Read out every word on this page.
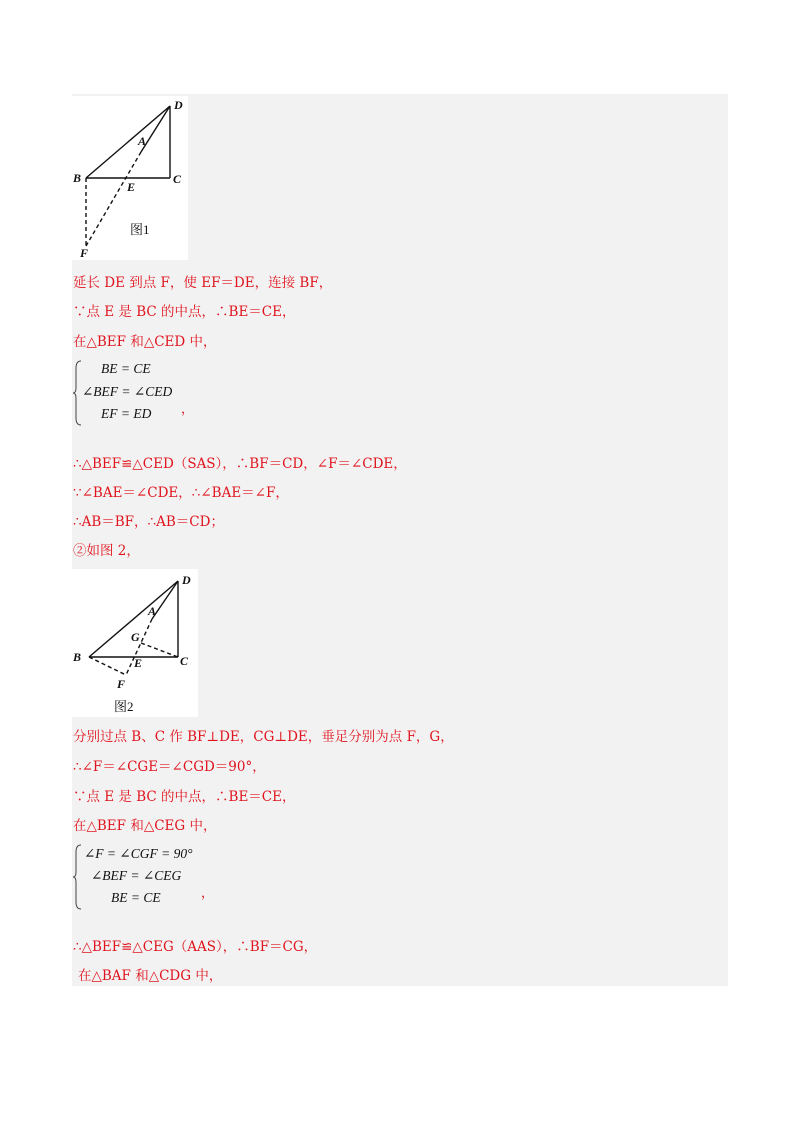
D
A
B	C
E
F
图1
延长 DE 到点 F，使 EF＝DE，连接 BF，
∵点 E 是 BC 的中点，∴BE＝CE，
在△BEF 和△CED 中，
BE = CE
∠BEF = ∠CED
EF = ED ，
∴△BEF≌△CED（SAS），∴BF＝CD，∠F＝∠CDE，
∵∠BAE＝∠CDE，∴∠BAE＝∠F，
∴AB＝BF，∴AB＝CD；
②如图 2，
D
A
G
B	C
E
F
图2
分别过点 B、C 作 BF⊥DE，CG⊥DE，垂足分别为点 F，G，
∴∠F＝∠CGE＝∠CGD＝90°，
∵点 E 是 BC 的中点，∴BE＝CE，
在△BEF 和△CEG 中，
∠F = ∠CGF = 90°
∠BEF = ∠CEG
BE = CE	，
∴△BEF≌△CEG（AAS），∴BF＝CG，
在△BAF 和△CDG 中，
